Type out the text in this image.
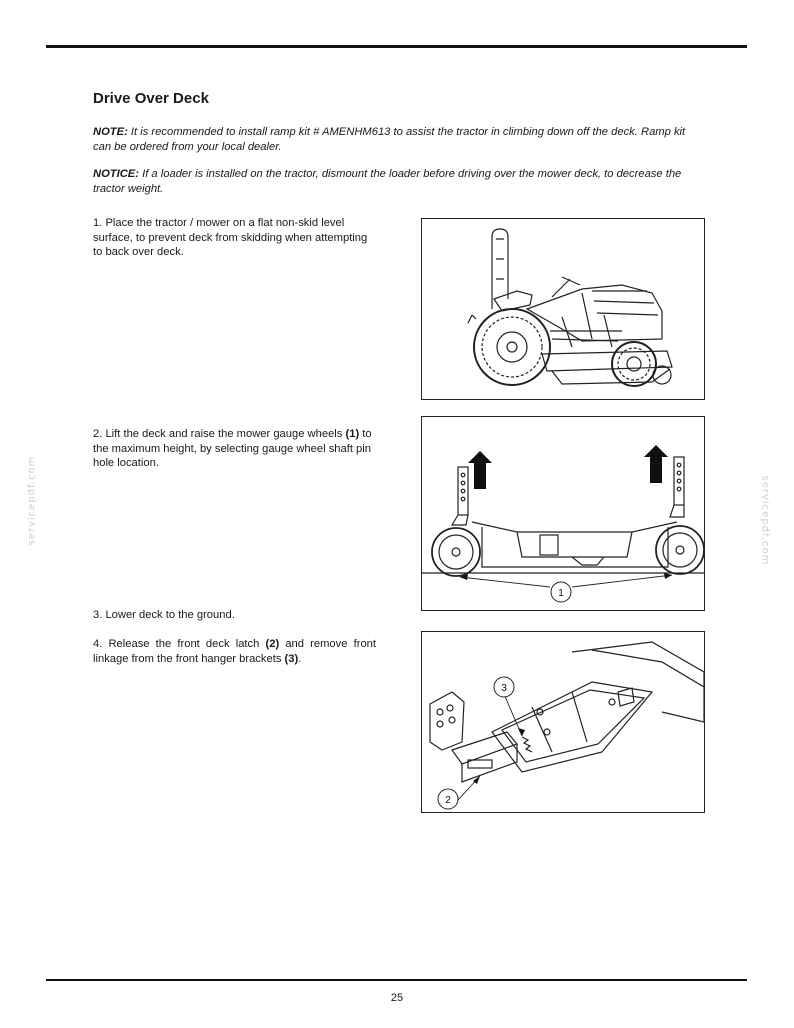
Drive Over Deck

NOTE: It is recommended to install ramp kit # AMENHM613 to assist the tractor in climbing down off the deck. Ramp kit can be ordered from your local dealer.

NOTICE: If a loader is installed on the tractor, dismount the loader before driving over the mower deck, to decrease the tractor weight.

1. Place the tractor / mower on a flat non-skid level surface, to prevent deck from skidding when attempting to back over deck.

2. Lift the deck and raise the mower gauge wheels (1) to the maximum height, by selecting gauge wheel shaft pin hole location.

3. Lower deck to the ground.

4. Release the front deck latch (2) and remove front linkage from the front hanger brackets (3).

1
3
2
servicepdf.com	servicepdf.com
25
